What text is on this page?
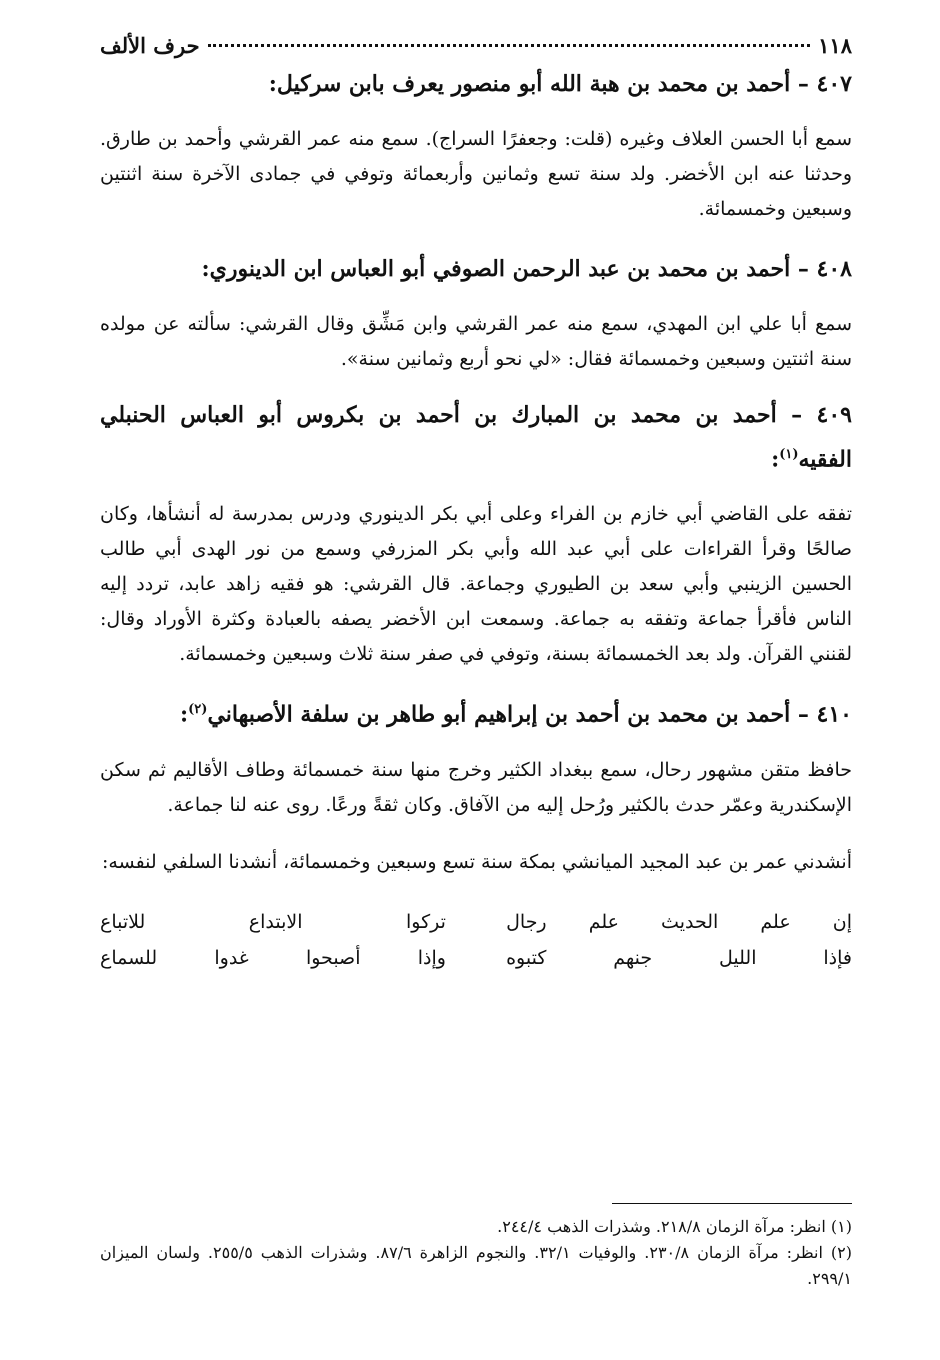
١١٨
حرف الألف
٤٠٧ – أحمد بن محمد بن هبة الله أبو منصور يعرف بابن سركيل:

سمع أبا الحسن العلاف وغيره (قلت: وجعفرًا السراج). سمع منه عمر القرشي وأحمد بن طارق. وحدثنا عنه ابن الأخضر. ولد سنة تسع وثمانين وأربعمائة وتوفي في جمادى الآخرة سنة اثنتين وسبعين وخمسمائة.

٤٠٨ – أحمد بن محمد بن عبد الرحمن الصوفي أبو العباس ابن الدينوري:

سمع أبا علي ابن المهدي، سمع منه عمر القرشي وابن مَشِّق وقال القرشي: سألته عن مولده سنة اثنتين وسبعين وخمسمائة فقال: «لي نحو أربع وثمانين سنة».

٤٠٩ – أحمد بن محمد بن المبارك بن أحمد بن بكروس أبو العباس الحنبلي الفقيه$^{(١)}$:

تفقه على القاضي أبي خازم بن الفراء وعلى أبي بكر الدينوري ودرس بمدرسة له أنشأها، وكان صالحًا وقرأ القراءات على أبي عبد الله وأبي بكر المزرفي وسمع من نور الهدى أبي طالب الحسين الزينبي وأبي سعد بن الطيوري وجماعة. قال القرشي: هو فقيه زاهد عابد، تردد إليه الناس فأقرأ جماعة وتفقه به جماعة. وسمعت ابن الأخضر يصفه بالعبادة وكثرة الأوراد وقال: لقنني القرآن. ولد بعد الخمسمائة بسنة، وتوفي في صفر سنة ثلاث وسبعين وخمسمائة.

٤١٠ – أحمد بن محمد بن أحمد بن إبراهيم أبو طاهر بن سلفة الأصبهاني$^{(٢)}$:

حافظ متقن مشهور رحال، سمع ببغداد الكثير وخرج منها سنة خمسمائة وطاف الأقاليم ثم سكن الإسكندرية وعمّر حدث بالكثير ورُحل إليه من الآفاق. وكان ثقةً ورعًا. روى عنه لنا جماعة.

أنشدني عمر بن عبد المجيد الميانشي بمكة سنة تسع وسبعين وخمسمائة، أنشدنا السلفي لنفسه:

إن علم الحديث علم رجال
تركوا الابتداع للاتباع
فإذا الليل جنهم كتبوه
وإذا أصبحوا غدوا للسماع

(١) انظر: مرآة الزمان ٢١٨/٨. وشذرات الذهب ٢٤٤/٤.

(٢) انظر: مرآة الزمان ٢٣٠/٨. والوفيات ٣٢/١. والنجوم الزاهرة ٨٧/٦. وشذرات الذهب ٢٥٥/٥. ولسان الميزان ٢٩٩/١.
